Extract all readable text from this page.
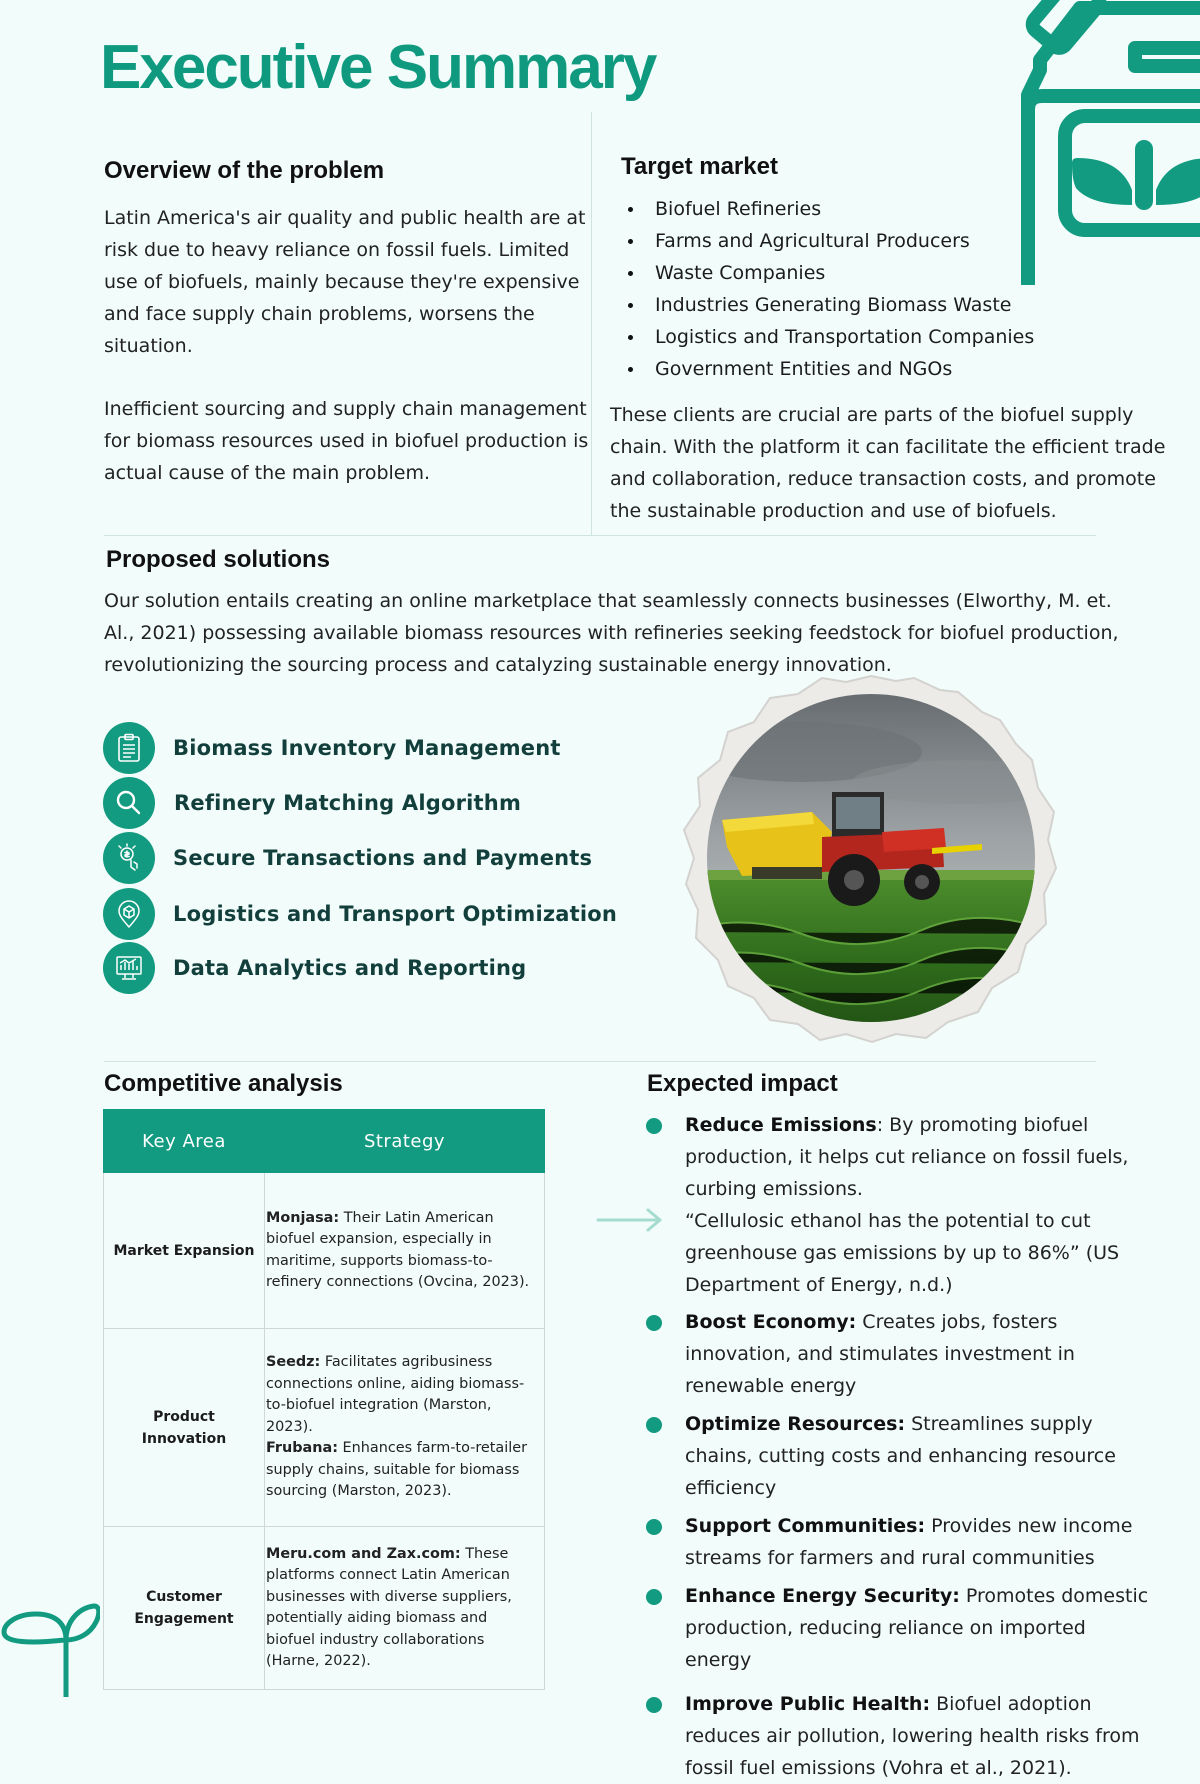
Executive Summary
Overview of the problem

Latin America's air quality and public health are at risk due to heavy reliance on fossil fuels. Limited use of biofuels, mainly because they're expensive and face supply chain problems, worsens the situation.

Inefficient sourcing and supply chain management for biomass resources used in biofuel production is actual cause of the main problem.

Target market
Biofuel Refineries
Farms and Agricultural Producers
Waste Companies
Industries Generating Biomass Waste
Logistics and Transportation Companies
Government Entities and NGOs

These clients are crucial are parts of the biofuel supply chain. With the platform it can facilitate the efficient trade and collaboration, reduce transaction costs, and promote the sustainable production and use of biofuels.

Proposed solutions

Our solution entails creating an online marketplace that seamlessly connects businesses (Elworthy, M. et. Al., 2021) possessing available biomass resources with refineries seeking feedstock for biofuel production, revolutionizing the sourcing process and catalyzing sustainable energy innovation.

Biomass Inventory Management
Refinery Matching Algorithm
Secure Transactions and Payments
Logistics and Transport Optimization
Data Analytics and Reporting
Competitive analysis
Key Area	Strategy
Market Expansion	Monjasa: Their Latin American biofuel expansion, especially in maritime, supports biomass-to-refinery connections (Ovcina, 2023).
Product Innovation	Seedz: Facilitates agribusiness connections online, aiding biomass-to-biofuel integration (Marston, 2023).
Frubana: Enhances farm-to-retailer supply chains, suitable for biomass sourcing (Marston, 2023).
Customer Engagement	Meru.com and Zax.com: These platforms connect Latin American businesses with diverse suppliers, potentially aiding biomass and biofuel industry collaborations (Harne, 2022).
Expected impact
Reduce Emissions: By promoting biofuel production, it helps cut reliance on fossil fuels, curbing emissions.
“Cellulosic ethanol has the potential to cut greenhouse gas emissions by up to 86%” (US Department of Energy, n.d.)
Boost Economy: Creates jobs, fosters innovation, and stimulates investment in renewable energy
Optimize Resources: Streamlines supply chains, cutting costs and enhancing resource efficiency
Support Communities: Provides new income streams for farmers and rural communities
Enhance Energy Security: Promotes domestic production, reducing reliance on imported energy
Improve Public Health: Biofuel adoption reduces air pollution, lowering health risks from fossil fuel emissions (Vohra et al., 2021).
